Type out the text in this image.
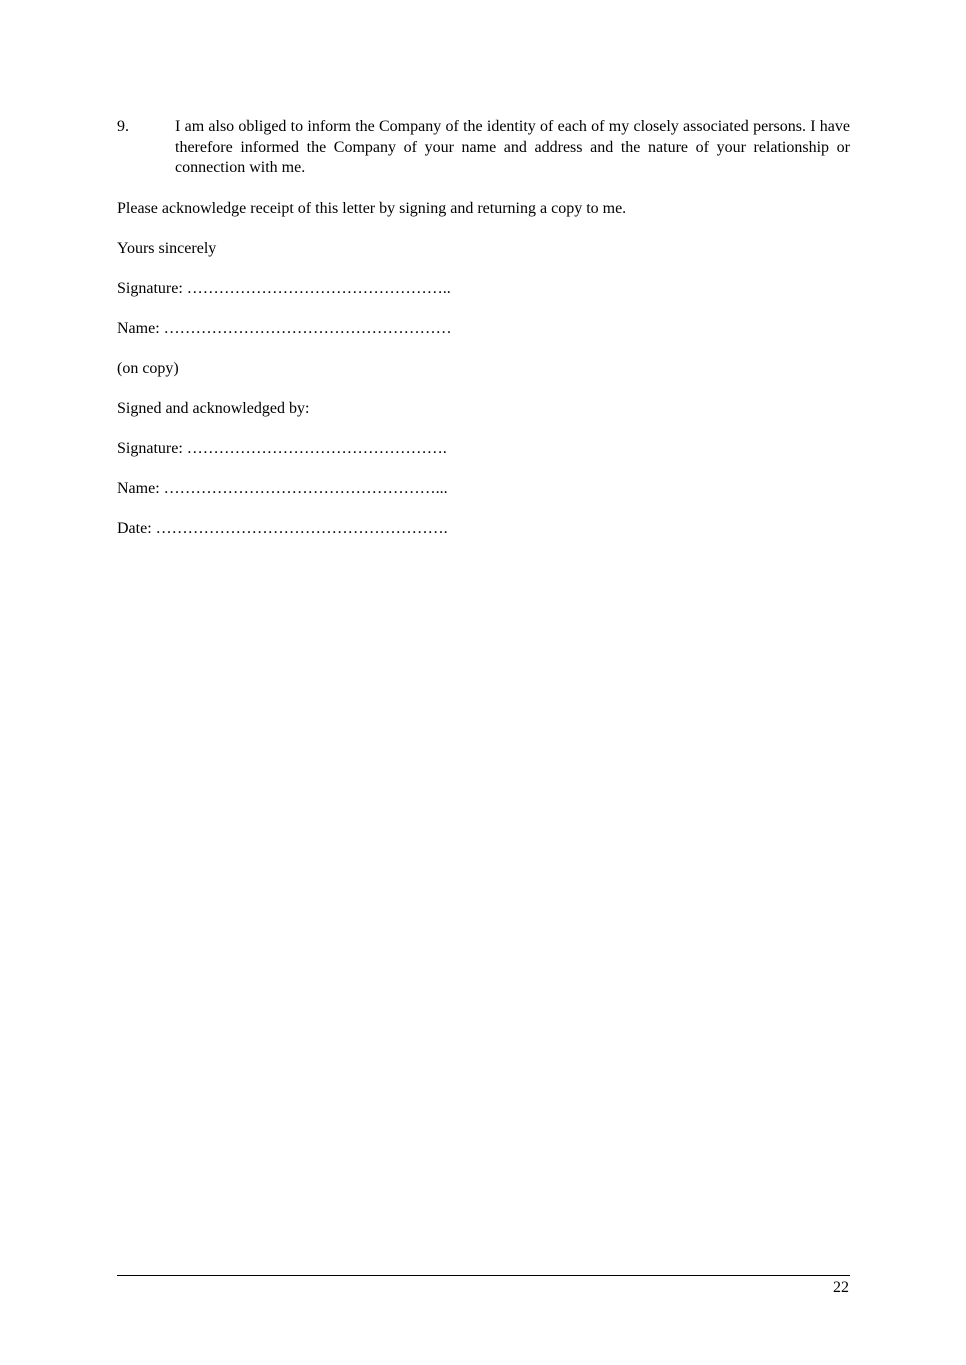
9.	I am also obliged to inform the Company of the identity of each of my closely associated persons. I have therefore informed the Company of your name and address and the nature of your relationship or connection with me.
Please acknowledge receipt of this letter by signing and returning a copy to me.
Yours sincerely
Signature: …………………………………………..
Name: ………………………………………………
(on copy)
Signed and acknowledged by:
Signature: ………………………………………….
Name: ……………………………………………...
Date: ……………………………………………….
22
